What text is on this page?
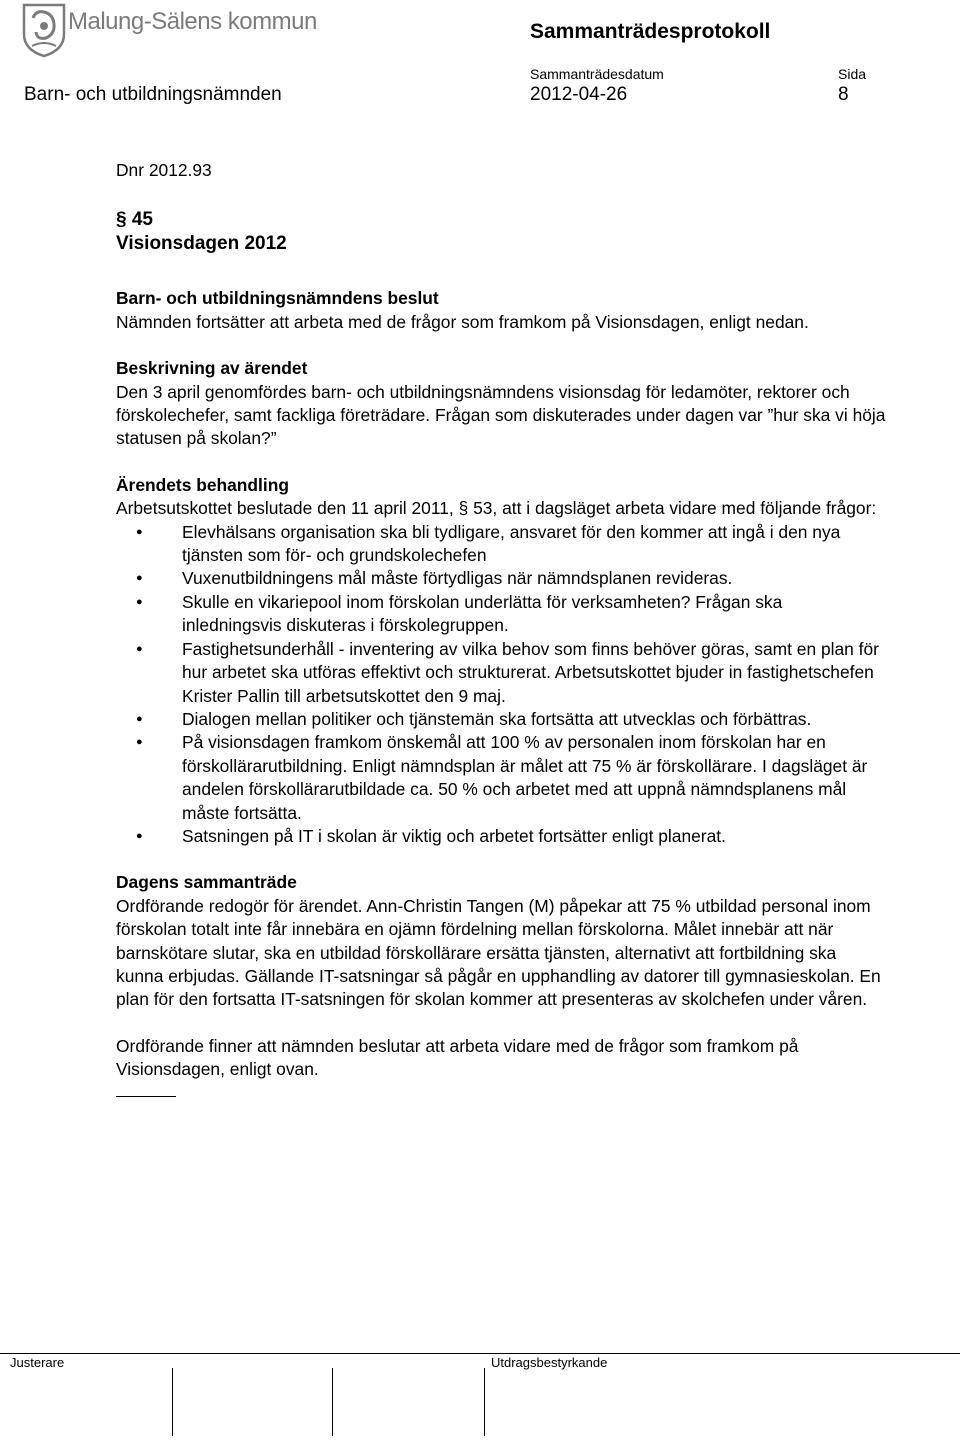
Malung-Sälens kommun	Sammanträdesprotokoll
Sammanträdesdatum	Sida
Barn- och utbildningsnämnden	2012-04-26	8

Dnr 2012.93

§ 45

Visionsdagen 2012

Barn- och utbildningsnämndens beslut

Nämnden fortsätter att arbeta med de frågor som framkom på Visionsdagen, enligt nedan.

Beskrivning av ärendet

Den 3 april genomfördes barn- och utbildningsnämndens visionsdag för ledamöter, rektorer och förskolechefer, samt fackliga företrädare. Frågan som diskuterades under dagen var ”hur ska vi höja statusen på skolan?”

Ärendets behandling

Arbetsutskottet beslutade den 11 april 2011, § 53, att i dagsläget arbeta vidare med följande frågor:

● Elevhälsans organisation ska bli tydligare, ansvaret för den kommer att ingå i den nya tjänsten som för- och grundskolechefen
● Vuxenutbildningens mål måste förtydligas när nämndsplanen revideras.
● Skulle en vikariepool inom förskolan underlätta för verksamheten? Frågan ska inledningsvis diskuteras i förskolegruppen.
● Fastighetsunderhåll - inventering av vilka behov som finns behöver göras, samt en plan för hur arbetet ska utföras effektivt och strukturerat. Arbetsutskottet bjuder in fastighetschefen Krister Pallin till arbetsutskottet den 9 maj.
● Dialogen mellan politiker och tjänstemän ska fortsätta att utvecklas och förbättras.
● På visionsdagen framkom önskemål att 100 % av personalen inom förskolan har en förskollärarutbildning. Enligt nämndsplan är målet att 75 % är förskollärare. I dagsläget är andelen förskollärarutbildade ca. 50 % och arbetet med att uppnå nämndsplanens mål måste fortsätta.
● Satsningen på IT i skolan är viktig och arbetet fortsätter enligt planerat.

Dagens sammanträde

Ordförande redogör för ärendet. Ann-Christin Tangen (M) påpekar att 75 % utbildad personal inom förskolan totalt inte får innebära en ojämn fördelning mellan förskolorna. Målet innebär att när barnskötare slutar, ska en utbildad förskollärare ersätta tjänsten, alternativt att fortbildning ska kunna erbjudas. Gällande IT-satsningar så pågår en upphandling av datorer till gymnasieskolan. En plan för den fortsatta IT-satsningen för skolan kommer att presenteras av skolchefen under våren.

Ordförande finner att nämnden beslutar att arbeta vidare med de frågor som framkom på Visionsdagen, enligt ovan.

Justerare	Utdragsbestyrkande
